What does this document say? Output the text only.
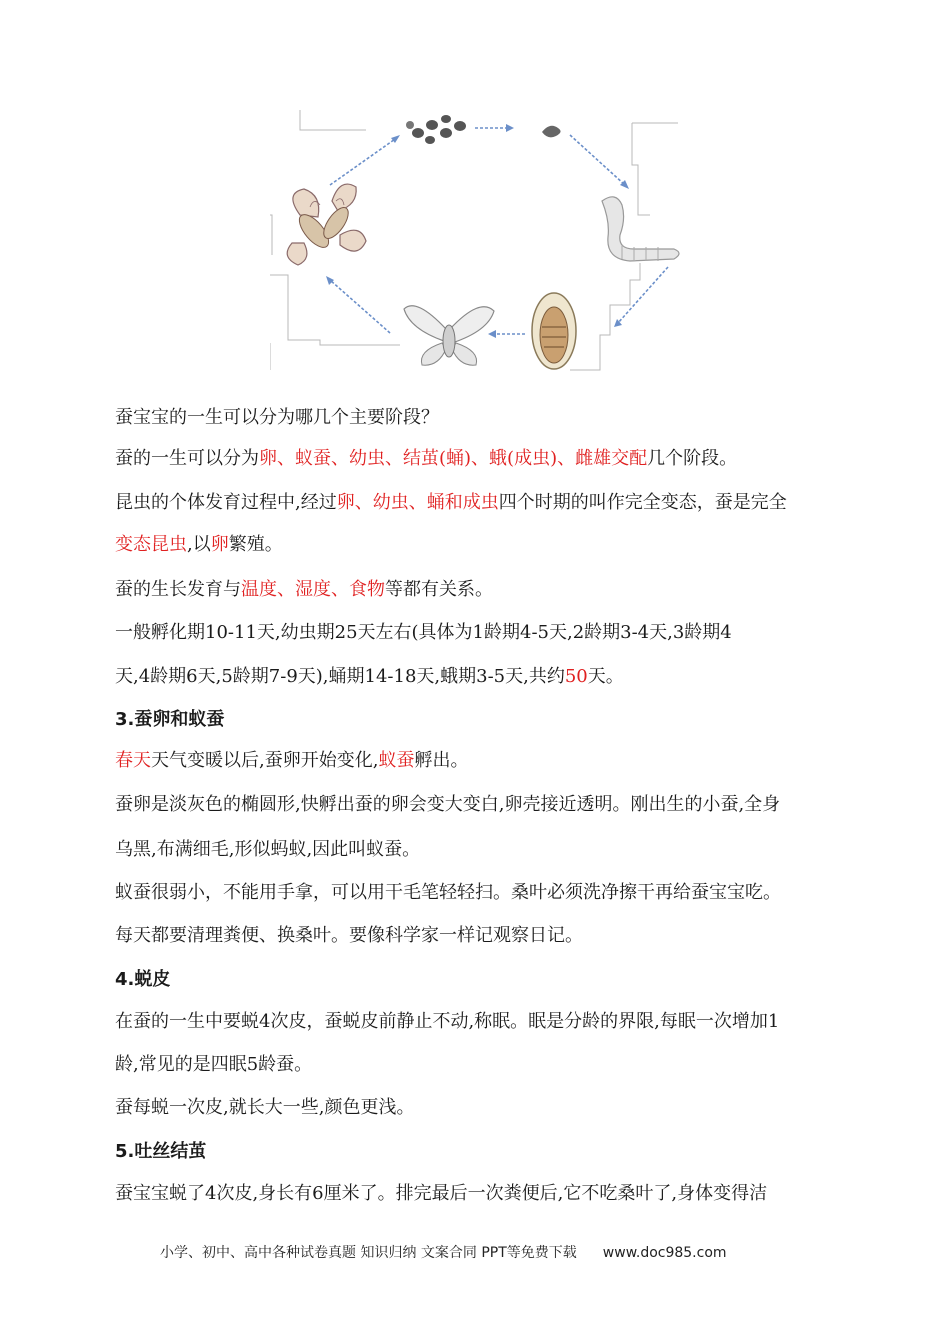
蚕宝宝的一生可以分为哪几个主要阶段？

蚕的一生可以分为卵、蚁蚕、幼虫、结茧(蛹)、蛾(成虫)、雌雄交配几个阶段。

昆虫的个体发育过程中,经过卵、幼虫、蛹和成虫四个时期的叫作完全变态，蚕是完全

变态昆虫,以卵繁殖。

蚕的生长发育与温度、湿度、食物等都有关系。

一般孵化期10-11天,幼虫期25天左右(具体为1龄期4-5天,2龄期3-4天,3龄期4

天,4龄期6天,5龄期7-9天),蛹期14-18天,蛾期3-5天,共约50天。

3.蚕卵和蚁蚕

春天天气变暖以后,蚕卵开始变化,蚁蚕孵出。

蚕卵是淡灰色的椭圆形,快孵出蚕的卵会变大变白,卵壳接近透明。刚出生的小蚕,全身

乌黑,布满细毛,形似蚂蚁,因此叫蚁蚕。

蚁蚕很弱小，不能用手拿，可以用干毛笔轻轻扫。桑叶必须洗净擦干再给蚕宝宝吃。

每天都要清理粪便、换桑叶。要像科学家一样记观察日记。

4.蜕皮

在蚕的一生中要蜕4次皮，蚕蜕皮前静止不动,称眠。眠是分龄的界限,每眠一次增加1

龄,常见的是四眠5龄蚕。

蚕每蜕一次皮,就长大一些,颜色更浅。

5.吐丝结茧

蚕宝宝蜕了4次皮,身长有6厘米了。排完最后一次粪便后,它不吃桑叶了,身体变得洁

小学、初中、高中各种试卷真题 知识归纳 文案合同 PPT等免费下载 www.doc985.com
